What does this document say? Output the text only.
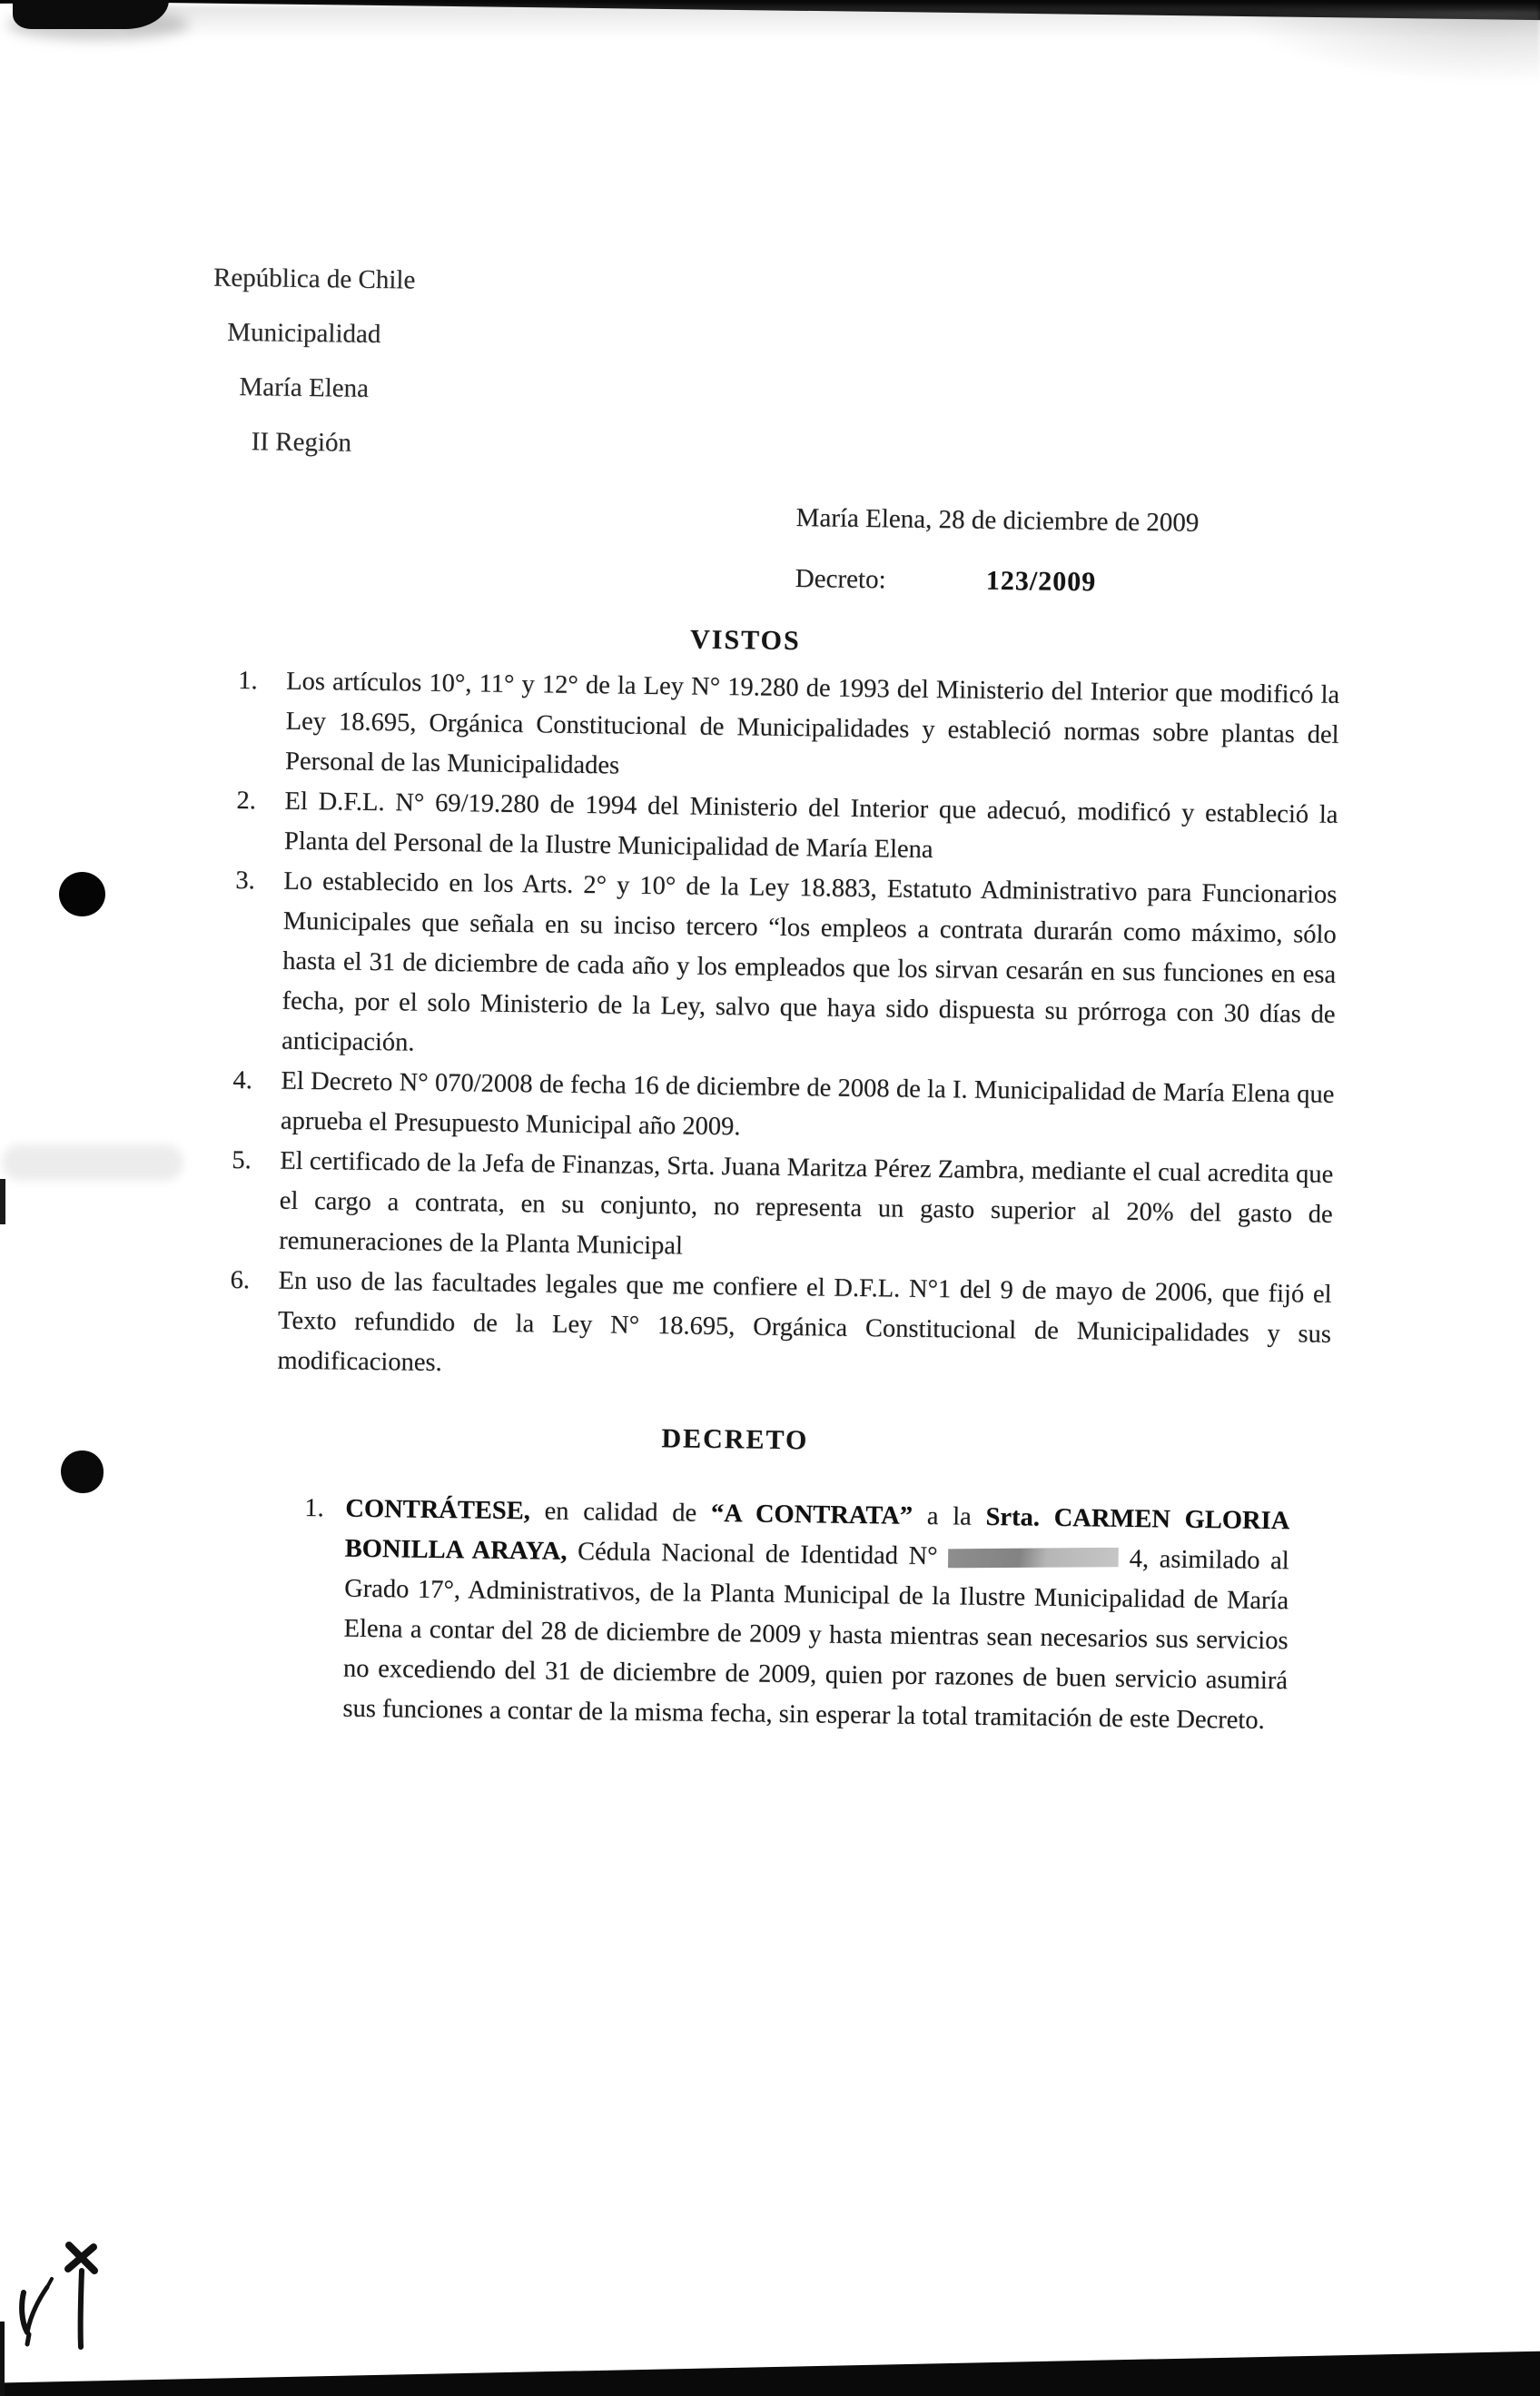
República de Chile
Municipalidad
María Elena
II Región
María Elena, 28 de diciembre de 2009
Decreto:	123/2009
VISTOS
1. Los artículos 10°, 11° y 12° de la Ley N° 19.280 de 1993 del Ministerio del Interior que modificó la Ley 18.695, Orgánica Constitucional de Municipalidades y estableció normas sobre plantas del Personal de las Municipalidades
2. El D.F.L. N° 69/19.280 de 1994 del Ministerio del Interior que adecuó, modificó y estableció la Planta del Personal de la Ilustre Municipalidad de María Elena
3. Lo establecido en los Arts. 2° y 10° de la Ley 18.883, Estatuto Administrativo para Funcionarios Municipales que señala en su inciso tercero “los empleos a contrata durarán como máximo, sólo hasta el 31 de diciembre de cada año y los empleados que los sirvan cesarán en sus funciones en esa fecha, por el solo Ministerio de la Ley, salvo que haya sido dispuesta su prórroga con 30 días de anticipación.
4. El Decreto N° 070/2008 de fecha 16 de diciembre de 2008 de la I. Municipalidad de María Elena que aprueba el Presupuesto Municipal año 2009.
5. El certificado de la Jefa de Finanzas, Srta. Juana Maritza Pérez Zambra, mediante el cual acredita que el cargo a contrata, en su conjunto, no representa un gasto superior al 20% del gasto de remuneraciones de la Planta Municipal
6. En uso de las facultades legales que me confiere el D.F.L. N°1 del 9 de mayo de 2006, que fijó el Texto refundido de la Ley N° 18.695, Orgánica Constitucional de Municipalidades y sus modificaciones.
DECRETO
1. CONTRÁTESE, en calidad de “A CONTRATA” a la Srta. CARMEN GLORIA BONILLA ARAYA, Cédula Nacional de Identidad N°	4, asimilado al Grado 17°, Administrativos, de la Planta Municipal de la Ilustre Municipalidad de María Elena a contar del 28 de diciembre de 2009 y hasta mientras sean necesarios sus servicios no excediendo del 31 de diciembre de 2009, quien por razones de buen servicio asumirá sus funciones a contar de la misma fecha, sin esperar la total tramitación de este Decreto.
